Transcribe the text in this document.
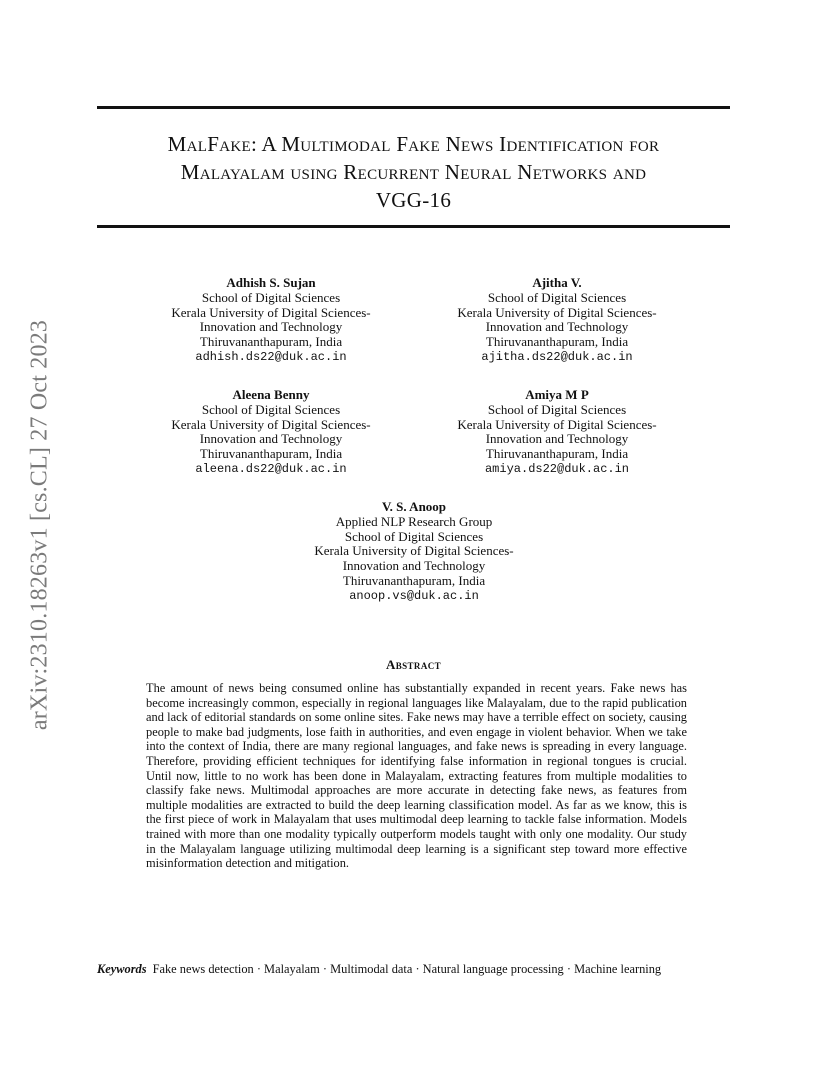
MalFake: A Multimodal Fake News Identification for
Malayalam using Recurrent Neural Networks and
VGG-16
arXiv:2310.18263v1 [cs.CL] 27 Oct 2023
Adhish S. Sujan
School of Digital Sciences
Kerala University of Digital Sciences-
Innovation and Technology
Thiruvananthapuram, India
adhish.ds22@duk.ac.in
Ajitha V.
School of Digital Sciences
Kerala University of Digital Sciences-
Innovation and Technology
Thiruvananthapuram, India
ajitha.ds22@duk.ac.in
Aleena Benny
School of Digital Sciences
Kerala University of Digital Sciences-
Innovation and Technology
Thiruvananthapuram, India
aleena.ds22@duk.ac.in
Amiya M P
School of Digital Sciences
Kerala University of Digital Sciences-
Innovation and Technology
Thiruvananthapuram, India
amiya.ds22@duk.ac.in
V. S. Anoop
Applied NLP Research Group
School of Digital Sciences
Kerala University of Digital Sciences-
Innovation and Technology
Thiruvananthapuram, India
anoop.vs@duk.ac.in
Abstract
The amount of news being consumed online has substantially expanded in recent years. Fake news has become increasingly common, especially in regional languages like Malayalam, due to the rapid publication and lack of editorial standards on some online sites. Fake news may have a terrible effect on society, causing people to make bad judgments, lose faith in authorities, and even engage in violent behavior. When we take into the context of India, there are many regional languages, and fake news is spreading in every language. Therefore, providing efficient techniques for identifying false information in regional tongues is crucial. Until now, little to no work has been done in Malayalam, extracting features from multiple modalities to classify fake news. Multimodal approaches are more accurate in detecting fake news, as features from multiple modalities are extracted to build the deep learning classification model. As far as we know, this is the first piece of work in Malayalam that uses multimodal deep learning to tackle false information. Models trained with more than one modality typically outperform models taught with only one modality. Our study in the Malayalam language utilizing multimodal deep learning is a significant step toward more effective misinformation detection and mitigation.
Keywords Fake news detection · Malayalam · Multimodal data · Natural language processing · Machine learning
